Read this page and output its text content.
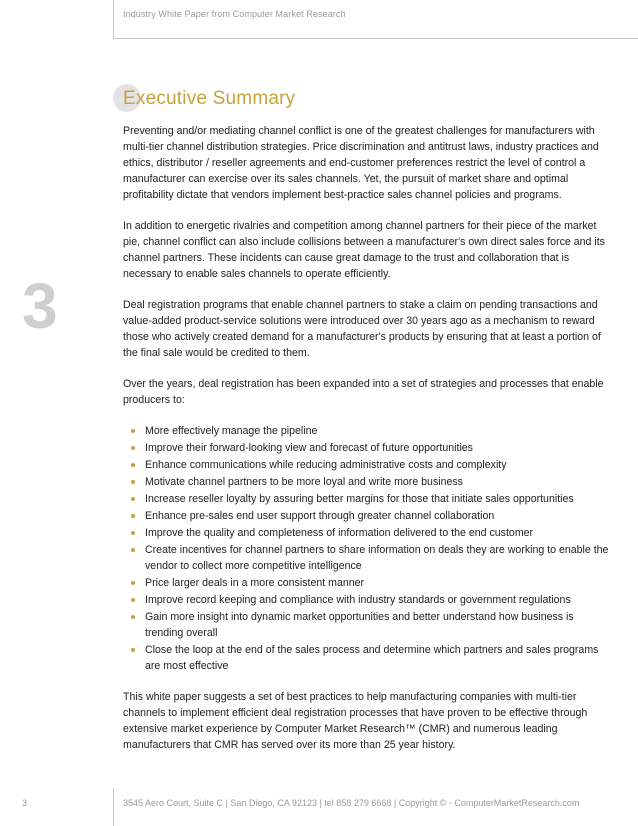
Industry White Paper from Computer Market Research
Executive Summary
3

Preventing and/or mediating channel conflict is one of the greatest challenges for manufacturers with multi-tier channel distribution strategies. Price discrimination and antitrust laws, industry practices and ethics, distributor / reseller agreements and end-customer preferences restrict the level of control a manufacturer can exercise over its sales channels. Yet, the pursuit of market share and optimal profitability dictate that vendors implement best-practice sales channel policies and programs.

In addition to energetic rivalries and competition among channel partners for their piece of the market pie, channel conflict can also include collisions between a manufacturer's own direct sales force and its channel partners. These incidents can cause great damage to the trust and collaboration that is necessary to enable sales channels to operate efficiently.

Deal registration programs that enable channel partners to stake a claim on pending transactions and value-added product-service solutions were introduced over 30 years ago as a mechanism to reward those who actively created demand for a manufacturer's products by ensuring that at least a portion of the final sale would be credited to them.

Over the years, deal registration has been expanded into a set of strategies and processes that enable producers to:

More effectively manage the pipeline
Improve their forward-looking view and forecast of future opportunities
Enhance communications while reducing administrative costs and complexity
Motivate channel partners to be more loyal and write more business
Increase reseller loyalty by assuring better margins for those that initiate sales opportunities
Enhance pre-sales end user support through greater channel collaboration
Improve the quality and completeness of information delivered to the end customer
Create incentives for channel partners to share information on deals they are working to enable the vendor to collect more competitive intelligence
Price larger deals in a more consistent manner
Improve record keeping and compliance with industry standards or government regulations
Gain more insight into dynamic market opportunities and better understand how business is trending overall
Close the loop at the end of the sales process and determine which partners and sales programs are most effective

This white paper suggests a set of best practices to help manufacturing companies with multi-tier channels to implement efficient deal registration processes that have proven to be effective through extensive market experience by Computer Market Research™ (CMR) and numerous leading manufacturers that CMR has served over its more than 25 year history.

3	3545 Aero Court, Suite C | San Diego, CA 92123 | tel 858 279 6668 | Copyright © - ComputerMarketResearch.com
